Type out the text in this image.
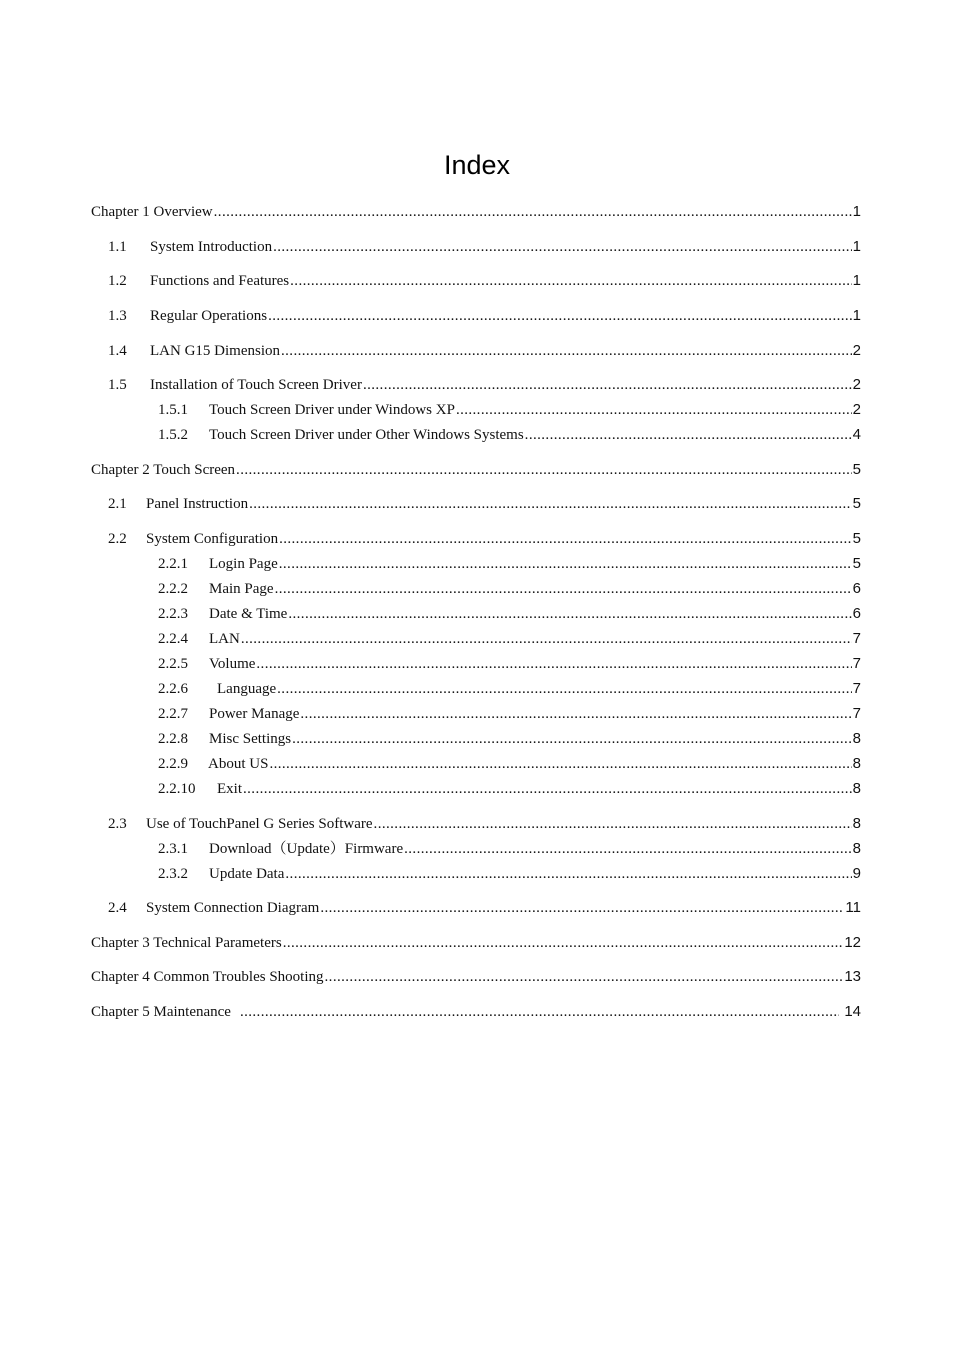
Index
Chapter 1 Overview .....	1
1.1	System Introduction .....	1
1.2	Functions and Features .....	1
1.3	Regular Operations .....	1
1.4	LAN G15 Dimension .....	2
1.5	Installation of Touch Screen Driver .....	2
1.5.1	Touch Screen Driver under Windows XP .....	2
1.5.2	Touch Screen Driver under Other Windows Systems .....	4
Chapter 2 Touch Screen .....	5
2.1	Panel Instruction .....	5
2.2	System Configuration .....	5
2.2.1	Login Page .....	5
2.2.2	Main Page .....	6
2.2.3	Date & Time .....	6
2.2.4	LAN .....	7
2.2.5	Volume .....	7
2.2.6	Language .....	7
2.2.7	Power Manage .....	7
2.2.8	Misc Settings .....	8
2.2.9	About US .....	8
2.2.10	Exit .....	8
2.3	Use of TouchPanel G Series Software .....	8
2.3.1	Download（Update）Firmware .....	8
2.3.2	Update Data .....	9
2.4	System Connection Diagram .....	11
Chapter 3 Technical Parameters .....	12
Chapter 4 Common Troubles Shooting .....	13
Chapter 5 Maintenance .....	14
